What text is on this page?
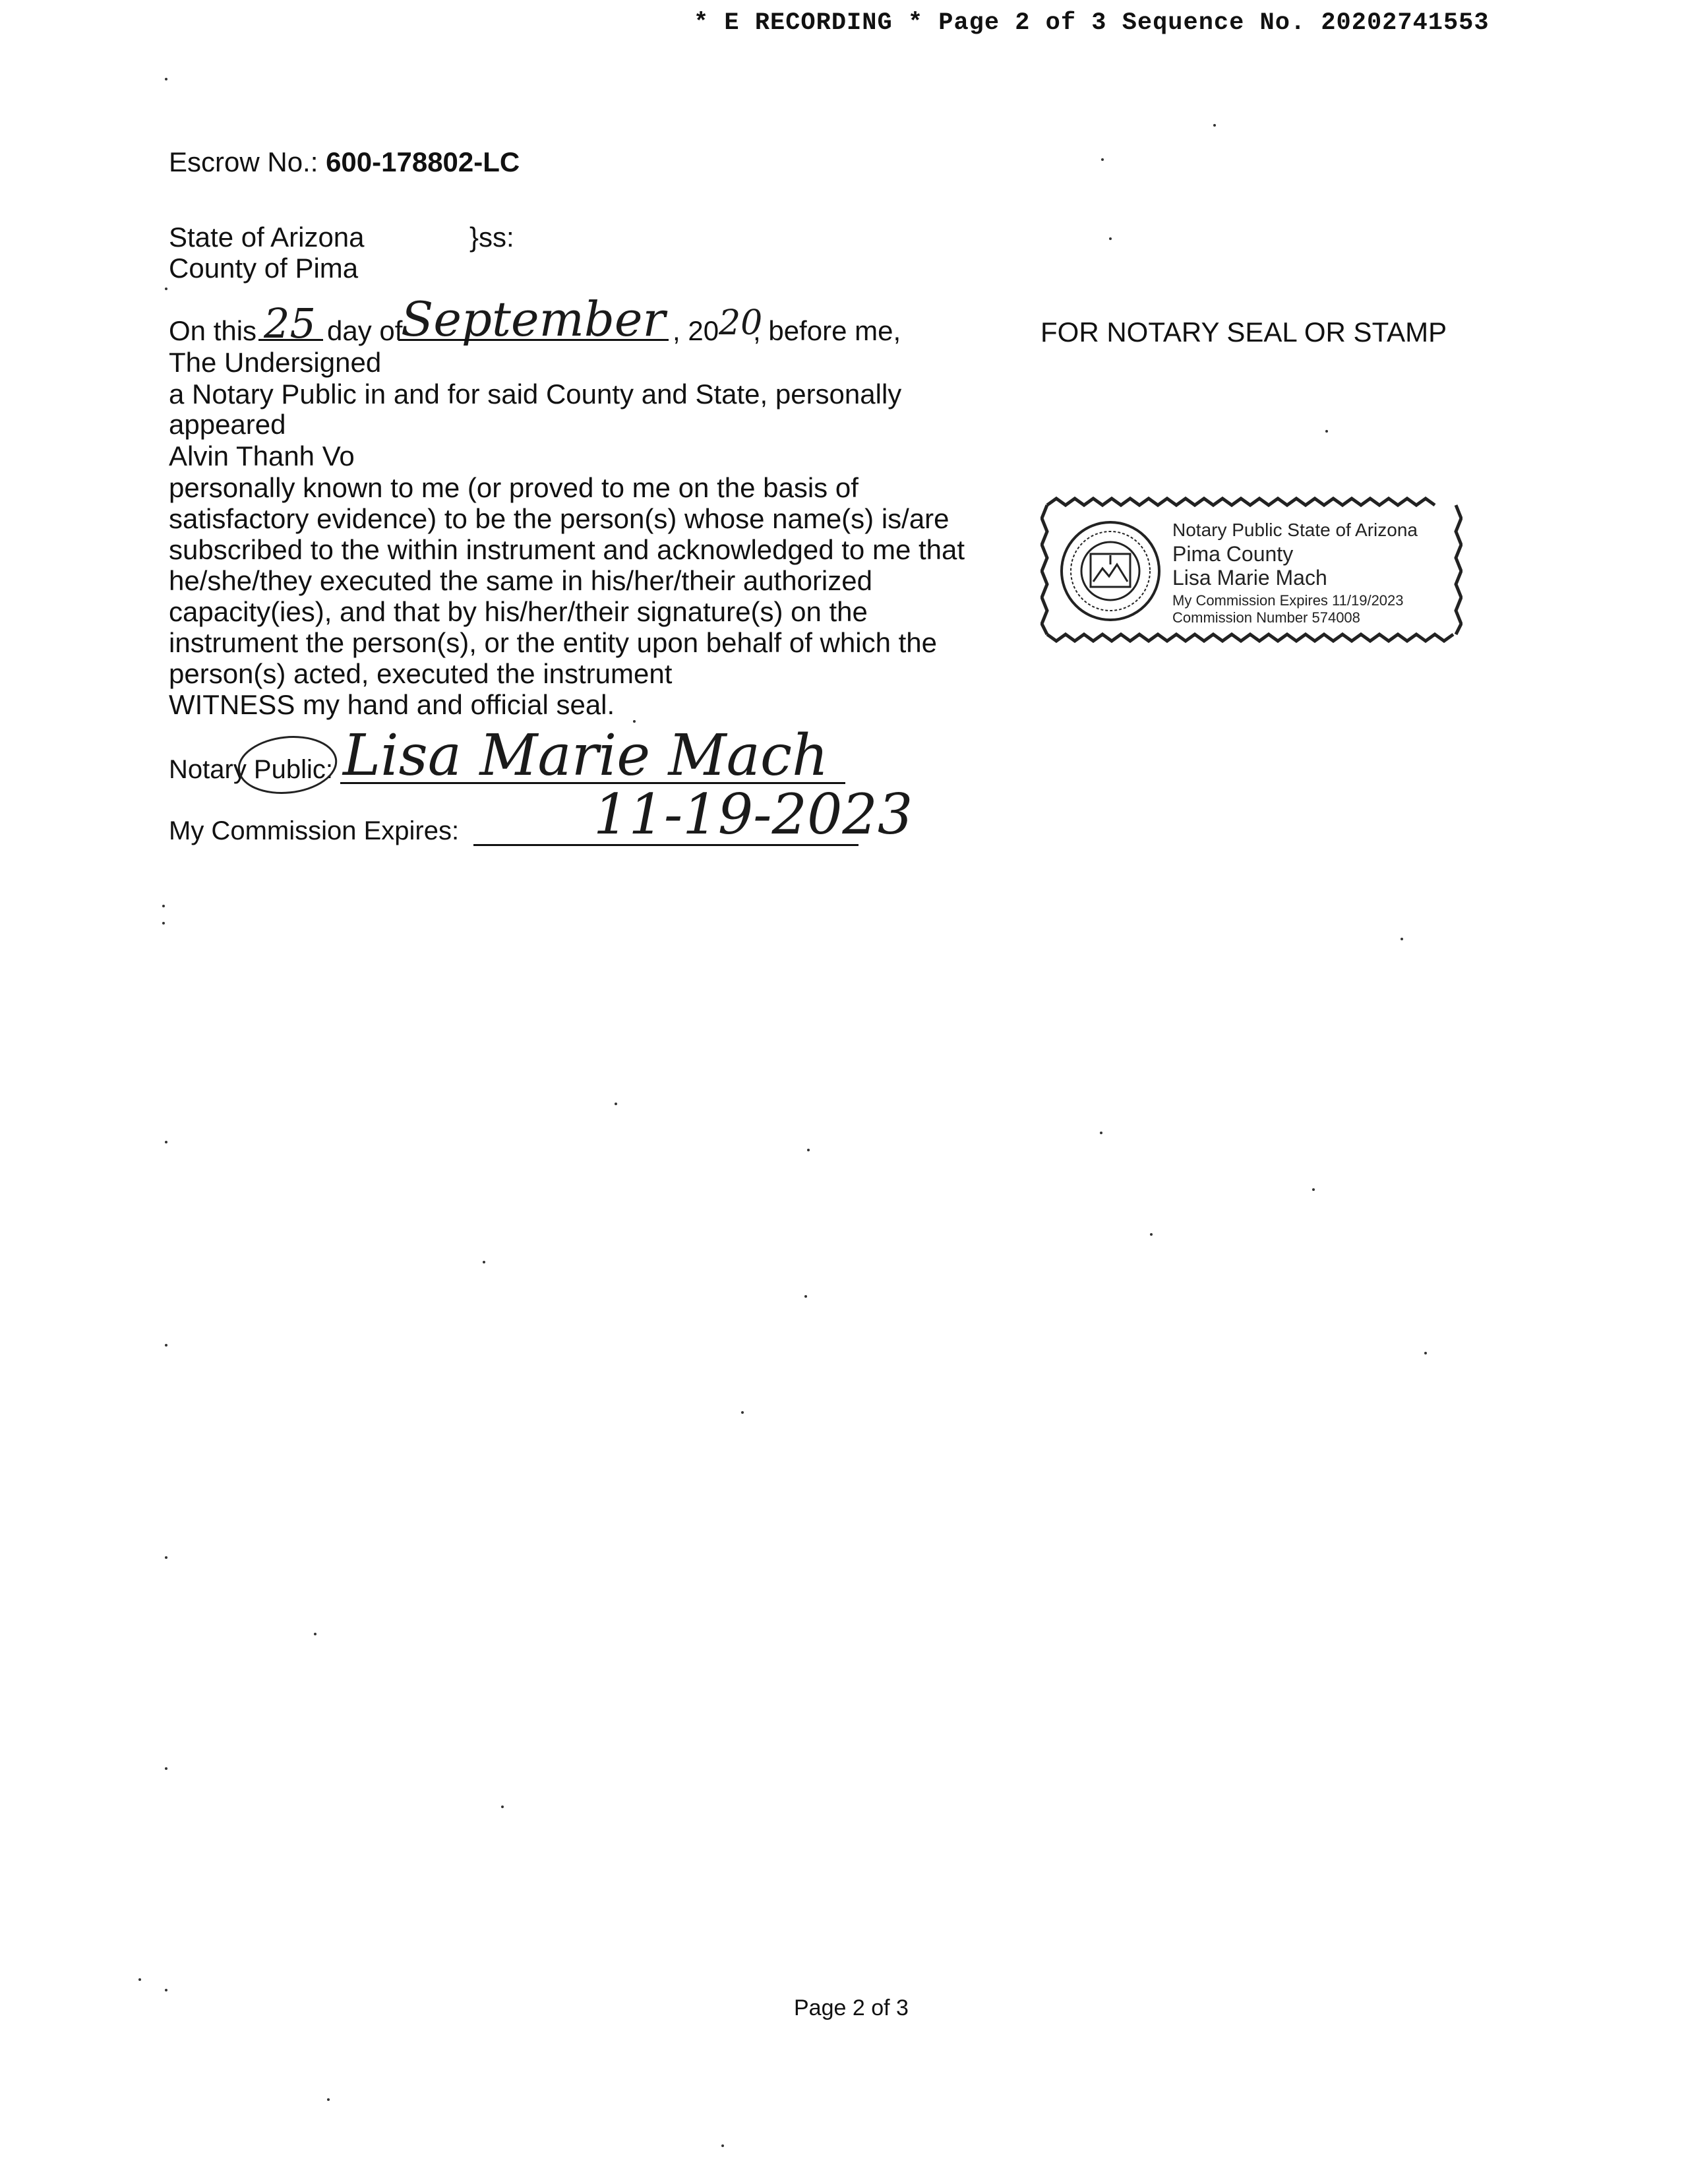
* E RECORDING * Page 2 of 3 Sequence No. 20202741553
Escrow No.: 600-178802-LC
State of Arizona	}ss:
County of Pima
On this 25 day of
September , 20 20
, before me,
The Undersigned
a Notary Public in and for said County and State, personally
appeared
Alvin Thanh Vo
personally known to me (or proved to me on the basis of
satisfactory evidence) to be the person(s) whose name(s) is/are
subscribed to the within instrument and acknowledged to me that
he/she/they executed the same in his/her/their authorized
capacity(ies), and that by his/her/their signature(s) on the
instrument the person(s), or the entity upon behalf of which the
person(s) acted, executed the instrument
WITNESS my hand and official seal.
Notary Public: Lisa Marie Mach
My Commission Expires: 11-19-2023
FOR NOTARY SEAL OR STAMP
Notary Public State of Arizona
Pima County
Lisa Marie Mach
My Commission Expires 11/19/2023
Commission Number 574008
Page 2 of 3
